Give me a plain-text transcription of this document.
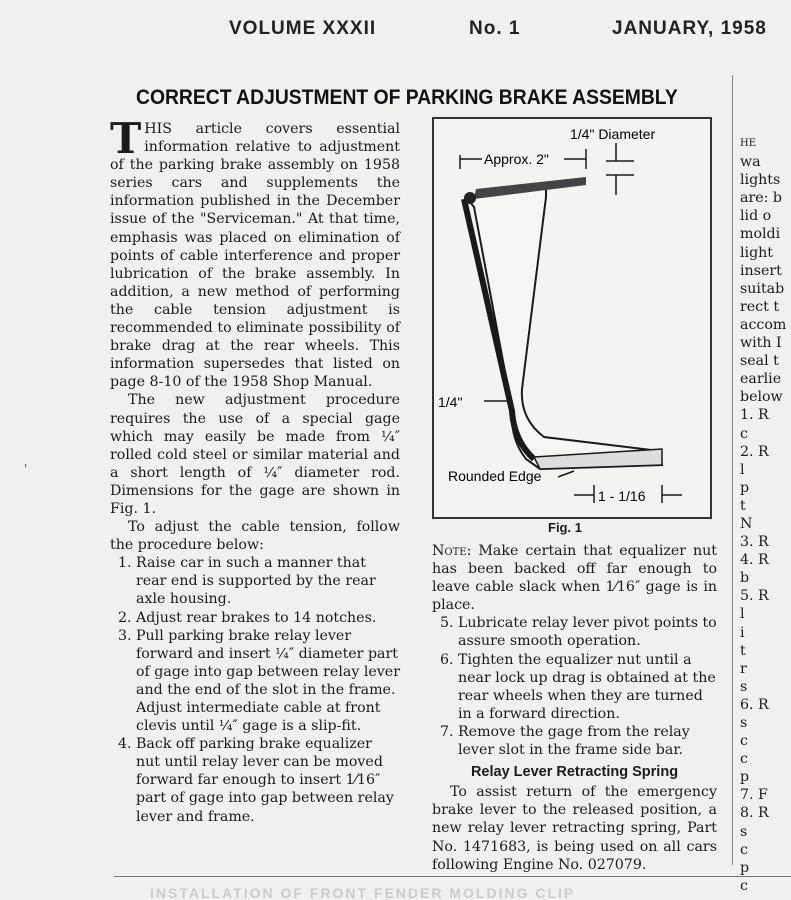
VOLUME XXXII	No. 1	JANUARY, 1958
CORRECT ADJUSTMENT OF PARKING BRAKE ASSEMBLY

THIS article covers essential information relative to adjustment of the parking brake assembly on 1958 series cars and supplements the information published in the December issue of the "Serviceman." At that time, emphasis was placed on elimination of points of cable interference and proper lubrication of the brake assembly. In addition, a new method of performing the cable tension adjustment is recommended to eliminate possibility of brake drag at the rear wheels. This information supersedes that listed on page 8-10 of the 1958 Shop Manual.

The new adjustment procedure requires the use of a special gage which may easily be made from ¼″ rolled cold steel or similar material and a short length of ¼″ diameter rod. Dimensions for the gage are shown in Fig. 1.

To adjust the cable tension, follow the procedure below:

1. Raise car in such a manner that rear end is supported by the rear axle housing.
2. Adjust rear brakes to 14 notches.
3. Pull parking brake relay lever forward and insert ¼″ diameter part of gage into gap between relay lever and the end of the slot in the frame. Adjust intermediate cable at front clevis until ¼″ gage is a slip-fit.
4. Back off parking brake equalizer nut until relay lever can be moved forward far enough to insert 1⁄16″ part of gage into gap between relay lever and frame.
1/4" Diameter
Approx. 2"
1/4"
Rounded Edge
1 - 1/16
Fig. 1

Note: Make certain that equalizer nut has been backed off far enough to leave cable slack when 1⁄16″ gage is in place.

5. Lubricate relay lever pivot points to assure smooth operation.
6. Tighten the equalizer nut until a near lock up drag is obtained at the rear wheels when they are turned in a forward direction.
7. Remove the gage from the relay lever slot in the frame side bar.

Relay Lever Retracting Spring

To assist return of the emergency brake lever to the released position, a new relay lever retracting spring, Part No. 1471683, is being used on all cars following Engine No. 027079.

HE
wa
lights
are: b
lid o
moldi
light
insert
suitab
rect t
accom
with I
seal t
earlie
below
1. R
c
2. R
l
p
t
N
3. R
4. R
b
5. R
l
i
t
r
s
6. R
s
c
c
p
7. F
8. R
s
c
p
c
INSTALLATION OF FRONT FENDER MOLDING CLIP
'
